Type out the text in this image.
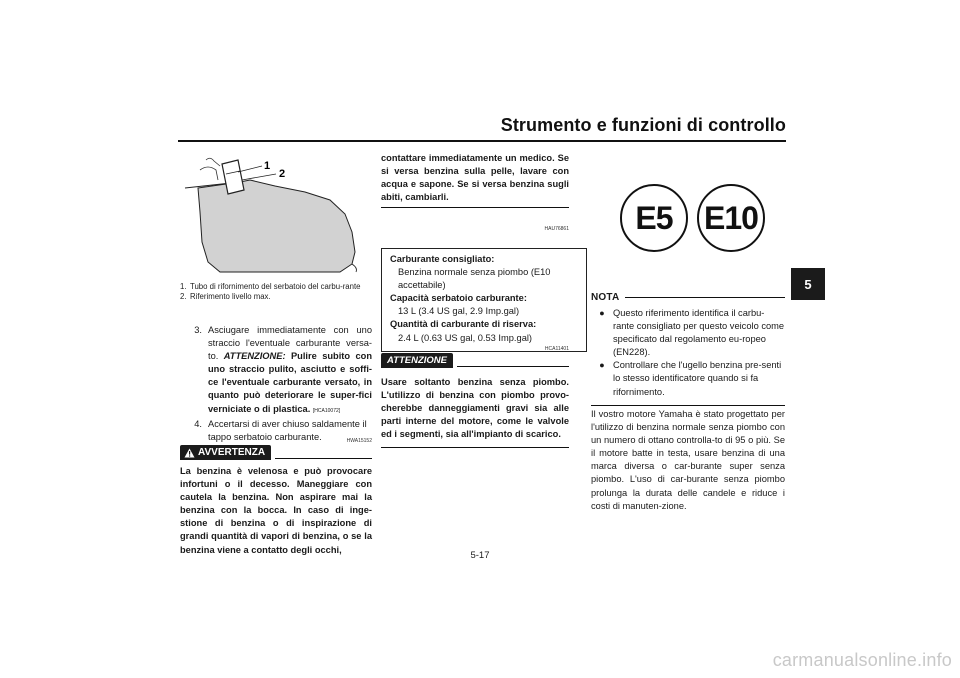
Strumento e funzioni di controllo
5
1
2
1. Tubo di rifornimento del serbatoio del carbu-rante
2. Riferimento livello max.
3. Asciugare immediatamente con uno straccio l'eventuale carburante versa-to. ATTENZIONE: Pulire subito con uno straccio pulito, asciutto e soffi-ce l'eventuale carburante versato, in quanto può deteriorare le super-fici verniciate o di plastica. [HCA10072]
4. Accertarsi di aver chiuso saldamente il tappo serbatoio carburante.	HWA15152
AVVERTENZA
La benzina è velenosa e può provocare infortuni o il decesso. Maneggiare con cautela la benzina. Non aspirare mai la benzina con la bocca. In caso di inge-stione di benzina o di inspirazione di grandi quantità di vapori di benzina, o se la benzina viene a contatto degli occhi,
contattare immediatamente un medico. Se si versa benzina sulla pelle, lavare con acqua e sapone. Se si versa benzina sugli abiti, cambiarli.
HAU76861
Carburante consigliato:
Benzina normale senza piombo (E10 accettabile)
Capacità serbatoio carburante:
13 L (3.4 US gal, 2.9 Imp.gal)
Quantità di carburante di riserva:
2.4 L (0.63 US gal, 0.53 Imp.gal)
HCA11401
ATTENZIONE
Usare soltanto benzina senza piombo. L'utilizzo di benzina con piombo provo-cherebbe danneggiamenti gravi sia alle parti interne del motore, come le valvole ed i segmenti, sia all'impianto di scarico.
E5 E10
NOTA
● Questo riferimento identifica il carbu-rante consigliato per questo veicolo come specificato dal regolamento eu-ropeo (EN228).
● Controllare che l'ugello benzina pre-senti lo stesso identificatore quando si fa rifornimento.
Il vostro motore Yamaha è stato progettato per l'utilizzo di benzina normale senza piombo con un numero di ottano controlla-to di 95 o più. Se il motore batte in testa, usare benzina di una marca diversa o car-burante super senza piombo. L'uso di car-burante senza piombo prolunga la durata delle candele e riduce i costi di manuten-zione.
5-17
carmanualsonline.info
